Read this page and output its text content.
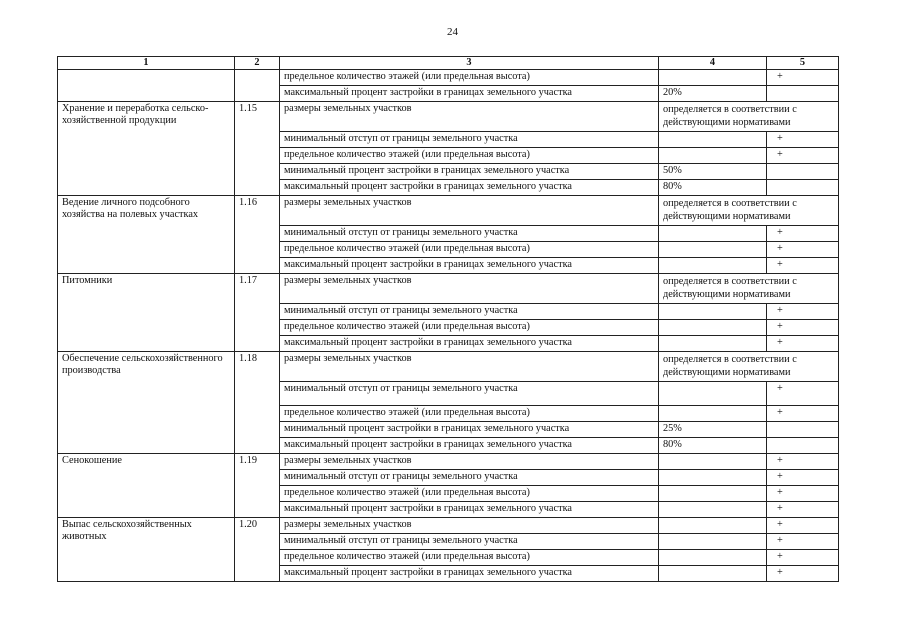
24
1	2	3	4	5
		предельное количество этажей (или предельная высота)		+
		максимальный процент застройки в границах земельного участка	20%	
Хранение и переработка сельско-хозяйственной продукции	1.15	размеры земельных участков	определяется в соответствии с действующими нормативами	
		минимальный отступ от границы земельного участка		+
		предельное количество этажей (или предельная высота)		+
		минимальный процент застройки в границах земельного участка	50%	
		максимальный процент застройки в границах земельного участка	80%	
Ведение личного подсобного хозяйства на полевых участках	1.16	размеры земельных участков	определяется в соответствии с действующими нормативами	
		минимальный отступ от границы земельного участка		+
		предельное количество этажей (или предельная высота)		+
		максимальный процент застройки в границах земельного участка		+
Питомники	1.17	размеры земельных участков	определяется в соответствии с действующими нормативами	
		минимальный отступ от границы земельного участка		+
		предельное количество этажей (или предельная высота)		+
		максимальный процент застройки в границах земельного участка		+
Обеспечение сельскохозяйственного производства	1.18	размеры земельных участков	определяется в соответствии с действующими нормативами	
		минимальный отступ от границы земельного участка		+
		предельное количество этажей (или предельная высота)		+
		минимальный процент застройки в границах земельного участка	25%	
		максимальный процент застройки в границах земельного участка	80%	
Сенокошение	1.19	размеры земельных участков		+
		минимальный отступ от границы земельного участка		+
		предельное количество этажей (или предельная высота)		+
		максимальный процент застройки в границах земельного участка		+
Выпас сельскохозяйственных животных	1.20	размеры земельных участков		+
		минимальный отступ от границы земельного участка		+
		предельное количество этажей (или предельная высота)		+
		максимальный процент застройки в границах земельного участка		+
